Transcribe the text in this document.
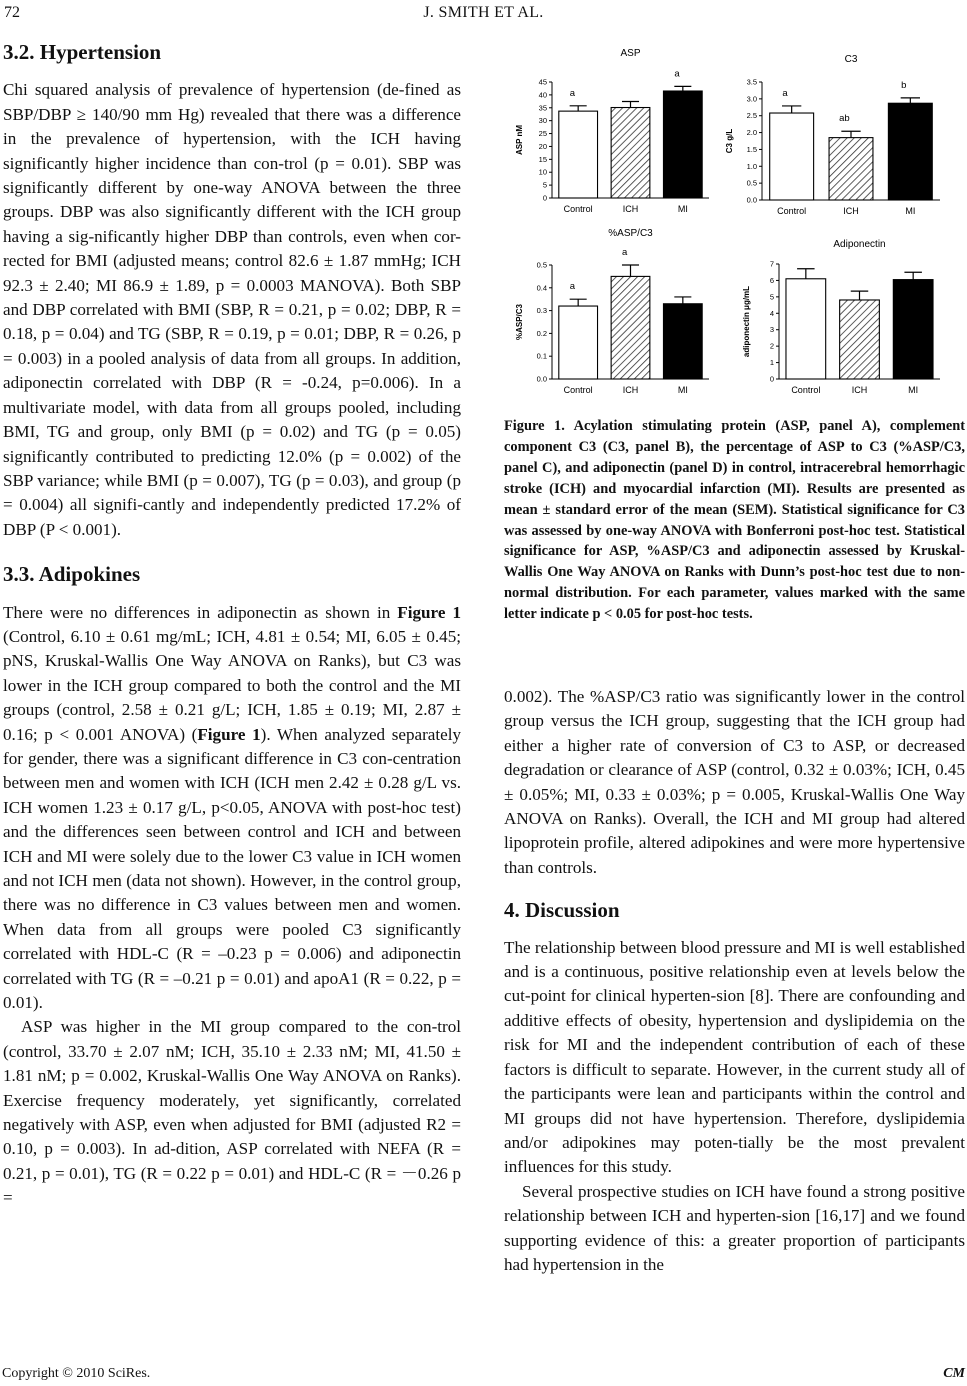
72	J. SMITH ET AL.
3.2. Hypertension

Chi squared analysis of prevalence of hypertension (de-fined as SBP/DBP ≥ 140/90 mm Hg) revealed that there was a difference in the prevalence of hypertension, with the ICH having significantly higher incidence than con-trol (p = 0.01). SBP was significantly different by one-way ANOVA between the three groups. DBP was also significantly different with the ICH group having a sig-nificantly higher DBP than controls, even when cor-rected for BMI (adjusted means; control 82.6 ± 1.87 mmHg; ICH 92.3 ± 2.40; MI 86.9 ± 1.89, p = 0.0003 MANOVA). Both SBP and DBP correlated with BMI (SBP, R = 0.21, p = 0.02; DBP, R = 0.18, p = 0.04) and TG (SBP, R = 0.19, p = 0.01; DBP, R = 0.26, p = 0.003) in a pooled analysis of data from all groups. In addition, adiponectin correlated with DBP (R = -0.24, p=0.006). In a multivariate model, with data from all groups pooled, including BMI, TG and group, only BMI (p = 0.02) and TG (p = 0.05) significantly contributed to predicting 12.0% (p = 0.002) of the SBP variance; while BMI (p = 0.007), TG (p = 0.03), and group (p = 0.004) all signifi-cantly and independently predicted 17.2% of DBP (P < 0.001).

3.3. Adipokines

There were no differences in adiponectin as shown in Figure 1 (Control, 6.10 ± 0.61 mg/mL; ICH, 4.81 ± 0.54; MI, 6.05 ± 0.45; pNS, Kruskal-Wallis One Way ANOVA on Ranks), but C3 was lower in the ICH group compared to both the control and the MI groups (control, 2.58 ± 0.21 g/L; ICH, 1.85 ± 0.19; MI, 2.87 ± 0.16; p < 0.001 ANOVA) (Figure 1). When analyzed separately for gender, there was a significant difference in C3 con-centration between men and women with ICH (ICH men 2.42 ± 0.28 g/L vs. ICH women 1.23 ± 0.17 g/L, p<0.05, ANOVA with post-hoc test) and the differences seen between control and ICH and between ICH and MI were solely due to the lower C3 value in ICH women and not ICH men (data not shown). However, in the control group, there was no difference in C3 values between men and women. When data from all groups were pooled C3 significantly correlated with HDL-C (R = –0.23 p = 0.006) and adiponectin correlated with TG (R = –0.21 p = 0.01) and apoA1 (R = 0.22, p = 0.01).

ASP was higher in the MI group compared to the con-trol (control, 33.70 ± 2.07 nM; ICH, 35.10 ± 2.33 nM; MI, 41.50 ± 1.81 nM; p = 0.002, Kruskal-Wallis One Way ANOVA on Ranks). Exercise frequency moderately, yet significantly, correlated negatively with ASP, even when adjusted for BMI (adjusted R2 = 0.10, p = 0.003). In ad-dition, ASP correlated with NEFA (R = 0.21, p = 0.01), TG (R = 0.22 p = 0.01) and HDL-C (R = －0.26 p =

ASP
0
5
10
15
20
25
30
35
40
45
ASP nM
a
Control	ICH
a
MI
C3
0.0
0.5
1.0
1.5
2.0
2.5
3.0
3.5
C3 g/L
a
Control
ab
ICH
b
MI
%ASP/C3
0.0
0.1
0.2
0.3
0.4
0.5
%ASP/C3
a
Control
a
ICH	MI
Adiponectin
0
1
2
3
4
5
6
7
adiponectin μg/mL
Control	ICH	MI
Figure 1. Acylation stimulating protein (ASP, panel A), complement component C3 (C3, panel B), the percentage of ASP to C3 (%ASP/C3, panel C), and adiponectin (panel D) in control, intracerebral hemorrhagic stroke (ICH) and myocardial infarction (MI). Results are presented as mean ± standard error of the mean (SEM). Statistical significance for C3 was assessed by one-way ANOVA with Bonferroni post-hoc test. Statistical significance for ASP, %ASP/C3 and adiponectin assessed by Kruskal-Wallis One Way ANOVA on Ranks with Dunn’s post-hoc test due to non-normal distribution. For each parameter, values marked with the same letter indicate p < 0.05 for post-hoc tests.

0.002). The %ASP/C3 ratio was significantly lower in the control group versus the ICH group, suggesting that the ICH group had either a higher rate of conversion of C3 to ASP, or decreased degradation or clearance of ASP (control, 0.32 ± 0.03%; ICH, 0.45 ± 0.05%; MI, 0.33 ± 0.03%; p = 0.005, Kruskal-Wallis One Way ANOVA on Ranks). Overall, the ICH and MI group had altered lipoprotein profile, altered adipokines and were more hypertensive than controls.

4. Discussion

The relationship between blood pressure and MI is well established and is a continuous, positive relationship even at levels below the cut-point for clinical hyperten-sion [8]. There are confounding and additive effects of obesity, hypertension and dyslipidemia on the risk for MI and the independent contribution of each of these factors is difficult to separate. However, in the current study all of the participants were lean and participants within the control and MI groups did not have hypertension. Therefore, dyslipidemia and/or adipokines may poten-tially be the most prevalent influences for this study.

Several prospective studies on ICH have found a strong positive relationship between ICH and hyperten-sion [16,17] and we found supporting evidence of this: a greater proportion of participants had hypertension in the

Copyright © 2010 SciRes.	CM
